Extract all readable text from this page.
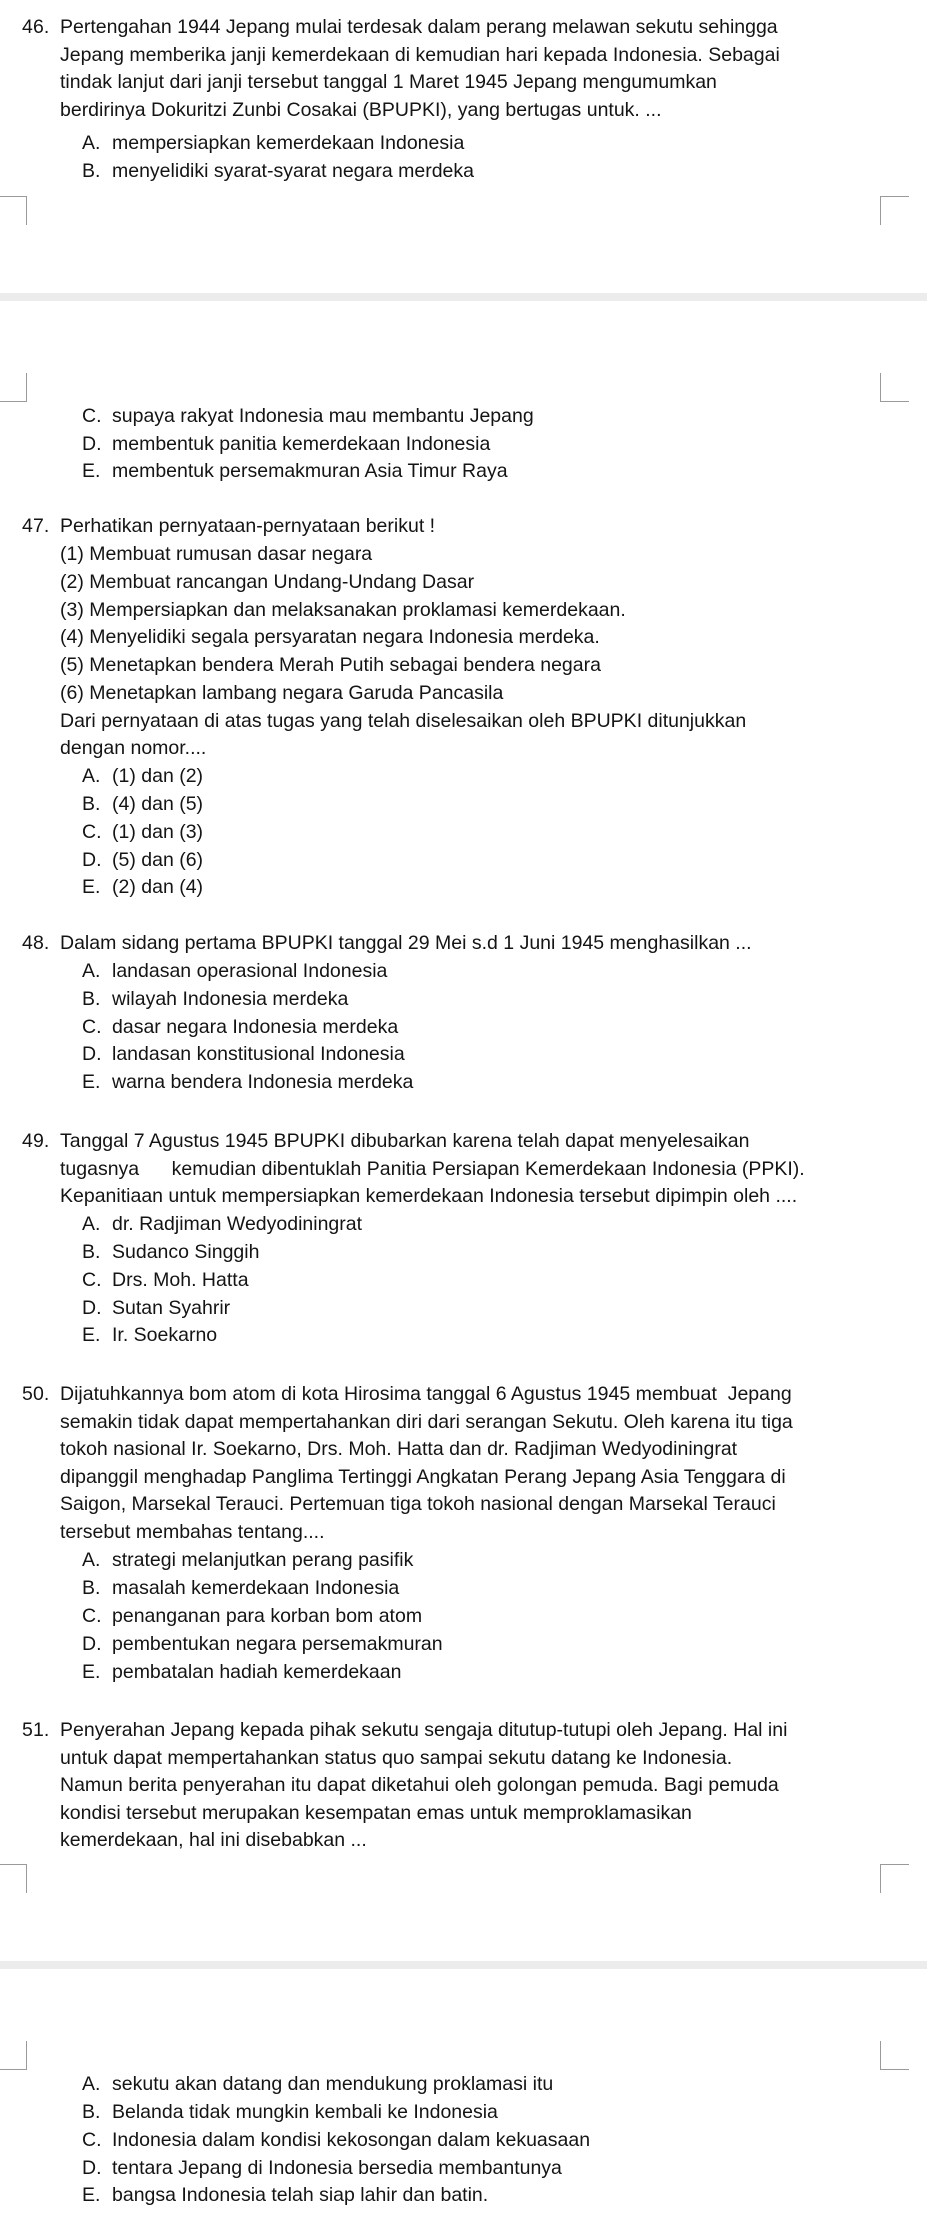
46. Pertengahan 1944 Jepang mulai terdesak dalam perang melawan sekutu sehingga
Jepang memberika janji kemerdekaan di kemudian hari kepada Indonesia. Sebagai
tindak lanjut dari janji tersebut tanggal 1 Maret 1945 Jepang mengumumkan
berdirinya Dokuritzi Zunbi Cosakai (BPUPKI), yang bertugas untuk. ...
A. mempersiapkan kemerdekaan Indonesia
B. menyelidiki syarat-syarat negara merdeka
C. supaya rakyat Indonesia mau membantu Jepang
D. membentuk panitia kemerdekaan Indonesia
E. membentuk persemakmuran Asia Timur Raya
47. Perhatikan pernyataan-pernyataan berikut !
(1) Membuat rumusan dasar negara
(2) Membuat rancangan Undang-Undang Dasar
(3) Mempersiapkan dan melaksanakan proklamasi kemerdekaan.
(4) Menyelidiki segala persyaratan negara Indonesia merdeka.
(5) Menetapkan bendera Merah Putih sebagai bendera negara
(6) Menetapkan lambang negara Garuda Pancasila
Dari pernyataan di atas tugas yang telah diselesaikan oleh BPUPKI ditunjukkan
dengan nomor....
A. (1) dan (2)
B. (4) dan (5)
C. (1) dan (3)
D. (5) dan (6)
E. (2) dan (4)
48. Dalam sidang pertama BPUPKI tanggal 29 Mei s.d 1 Juni 1945 menghasilkan ...
A. landasan operasional Indonesia
B. wilayah Indonesia merdeka
C. dasar negara Indonesia merdeka
D. landasan konstitusional Indonesia
E. warna bendera Indonesia merdeka
49. Tanggal 7 Agustus 1945 BPUPKI dibubarkan karena telah dapat menyelesaikan
tugasnya      kemudian dibentuklah Panitia Persiapan Kemerdekaan Indonesia (PPKI).
Kepanitiaan untuk mempersiapkan kemerdekaan Indonesia tersebut dipimpin oleh ....
A. dr. Radjiman Wedyodiningrat
B. Sudanco Singgih
C. Drs. Moh. Hatta
D. Sutan Syahrir
E. Ir. Soekarno
50. Dijatuhkannya bom atom di kota Hirosima tanggal 6 Agustus 1945 membuat  Jepang
semakin tidak dapat mempertahankan diri dari serangan Sekutu. Oleh karena itu tiga
tokoh nasional Ir. Soekarno, Drs. Moh. Hatta dan dr. Radjiman Wedyodiningrat
dipanggil menghadap Panglima Tertinggi Angkatan Perang Jepang Asia Tenggara di
Saigon, Marsekal Terauci. Pertemuan tiga tokoh nasional dengan Marsekal Terauci
tersebut membahas tentang....
A. strategi melanjutkan perang pasifik
B. masalah kemerdekaan Indonesia
C. penanganan para korban bom atom
D. pembentukan negara persemakmuran
E. pembatalan hadiah kemerdekaan
51. Penyerahan Jepang kepada pihak sekutu sengaja ditutup-tutupi oleh Jepang. Hal ini
untuk dapat mempertahankan status quo sampai sekutu datang ke Indonesia.
Namun berita penyerahan itu dapat diketahui oleh golongan pemuda. Bagi pemuda
kondisi tersebut merupakan kesempatan emas untuk memproklamasikan
kemerdekaan, hal ini disebabkan ...
A. sekutu akan datang dan mendukung proklamasi itu
B. Belanda tidak mungkin kembali ke Indonesia
C. Indonesia dalam kondisi kekosongan dalam kekuasaan
D. tentara Jepang di Indonesia bersedia membantunya
E. bangsa Indonesia telah siap lahir dan batin.
